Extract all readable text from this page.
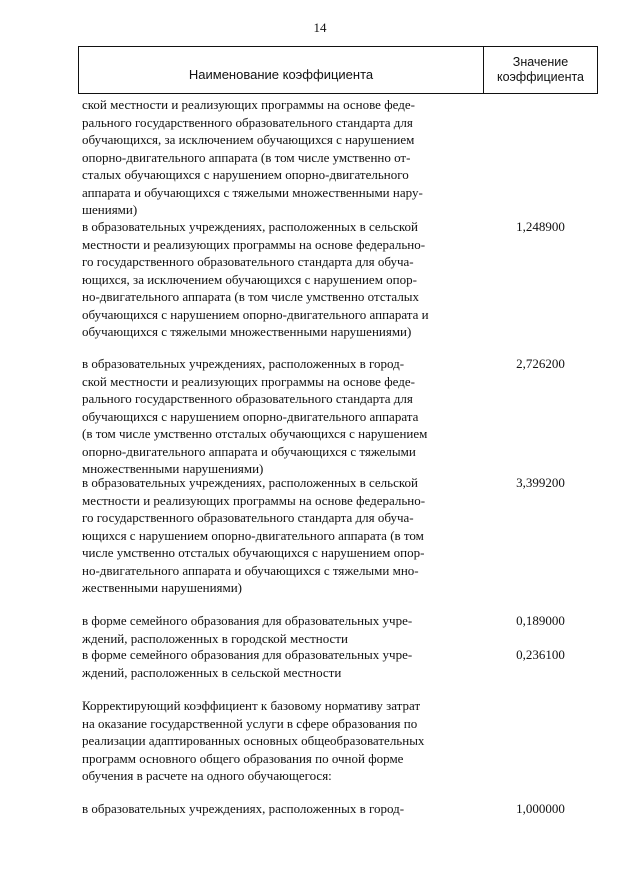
14
Наименование коэффициента
Значение
коэффициента
ской местности и реализующих программы на основе феде-
рального государственного образовательного стандарта для
обучающихся, за исключением обучающихся с нарушением
опорно-двигательного аппарата (в том числе умственно от-
сталых обучающихся с нарушением опорно-двигательного
аппарата и обучающихся с тяжелыми множественными нару-
шениями)
в образовательных учреждениях, расположенных в сельской
местности и реализующих программы на основе федерально-
го государственного образовательного стандарта для обуча-
ющихся, за исключением обучающихся с нарушением опор-
но-двигательного аппарата (в том числе умственно отсталых
обучающихся с нарушением опорно-двигательного аппарата и
обучающихся с тяжелыми множественными нарушениями)
1,248900
в образовательных учреждениях, расположенных в город-
ской местности и реализующих программы на основе феде-
рального государственного образовательного стандарта для
обучающихся с нарушением опорно-двигательного аппарата
(в том числе умственно отсталых обучающихся с нарушением
опорно-двигательного аппарата и обучающихся с тяжелыми
множественными нарушениями)
2,726200
в образовательных учреждениях, расположенных в сельской
местности и реализующих программы на основе федерально-
го государственного образовательного стандарта для обуча-
ющихся с нарушением опорно-двигательного аппарата (в том
числе умственно отсталых обучающихся с нарушением опор-
но-двигательного аппарата и обучающихся с тяжелыми мно-
жественными нарушениями)
3,399200
в форме семейного образования для образовательных учре-
ждений, расположенных в городской местности
0,189000
в форме семейного образования для образовательных учре-
ждений, расположенных в сельской местности
0,236100
Корректирующий коэффициент к базовому нормативу затрат
на оказание государственной услуги в сфере образования по
реализации адаптированных основных общеобразовательных
программ основного общего образования по очной форме
обучения в расчете на одного обучающегося:
в образовательных учреждениях, расположенных в город-	1,000000
